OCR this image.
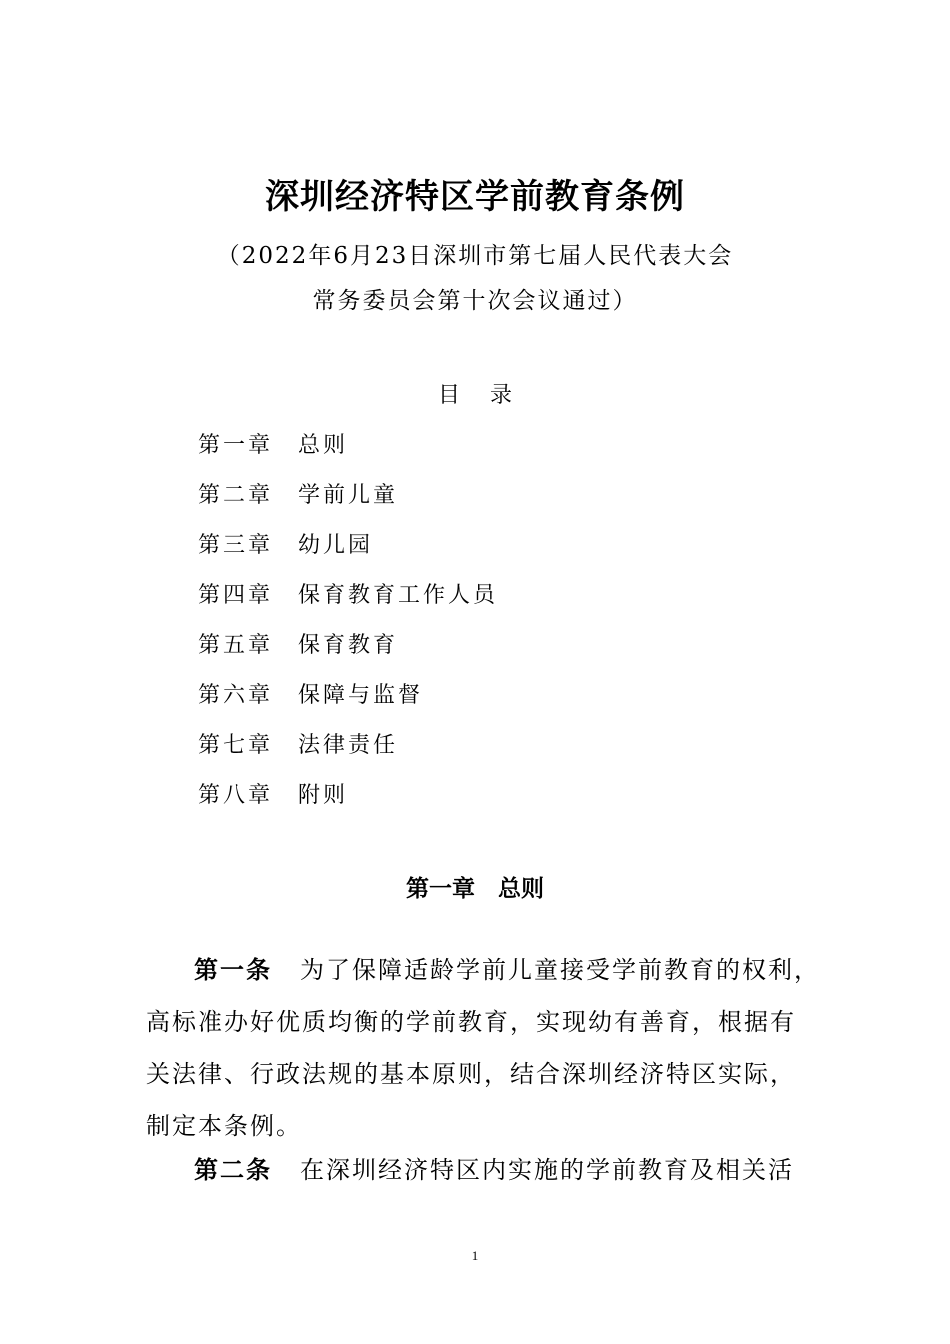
深圳经济特区学前教育条例
（2022年6月23日深圳市第七届人民代表大会
常务委员会第十次会议通过）
目录
第一章 总则
第二章 学前儿童
第三章 幼儿园
第四章 保育教育工作人员
第五章 保育教育
第六章 保障与监督
第七章 法律责任
第八章 附则
第一章　总则
第一条 为了保障适龄学前儿童接受学前教育的权利，
高标准办好优质均衡的学前教育，实现幼有善育，根据有
关法律、行政法规的基本原则，结合深圳经济特区实际，
制定本条例。
第二条 在深圳经济特区内实施的学前教育及相关活
1
